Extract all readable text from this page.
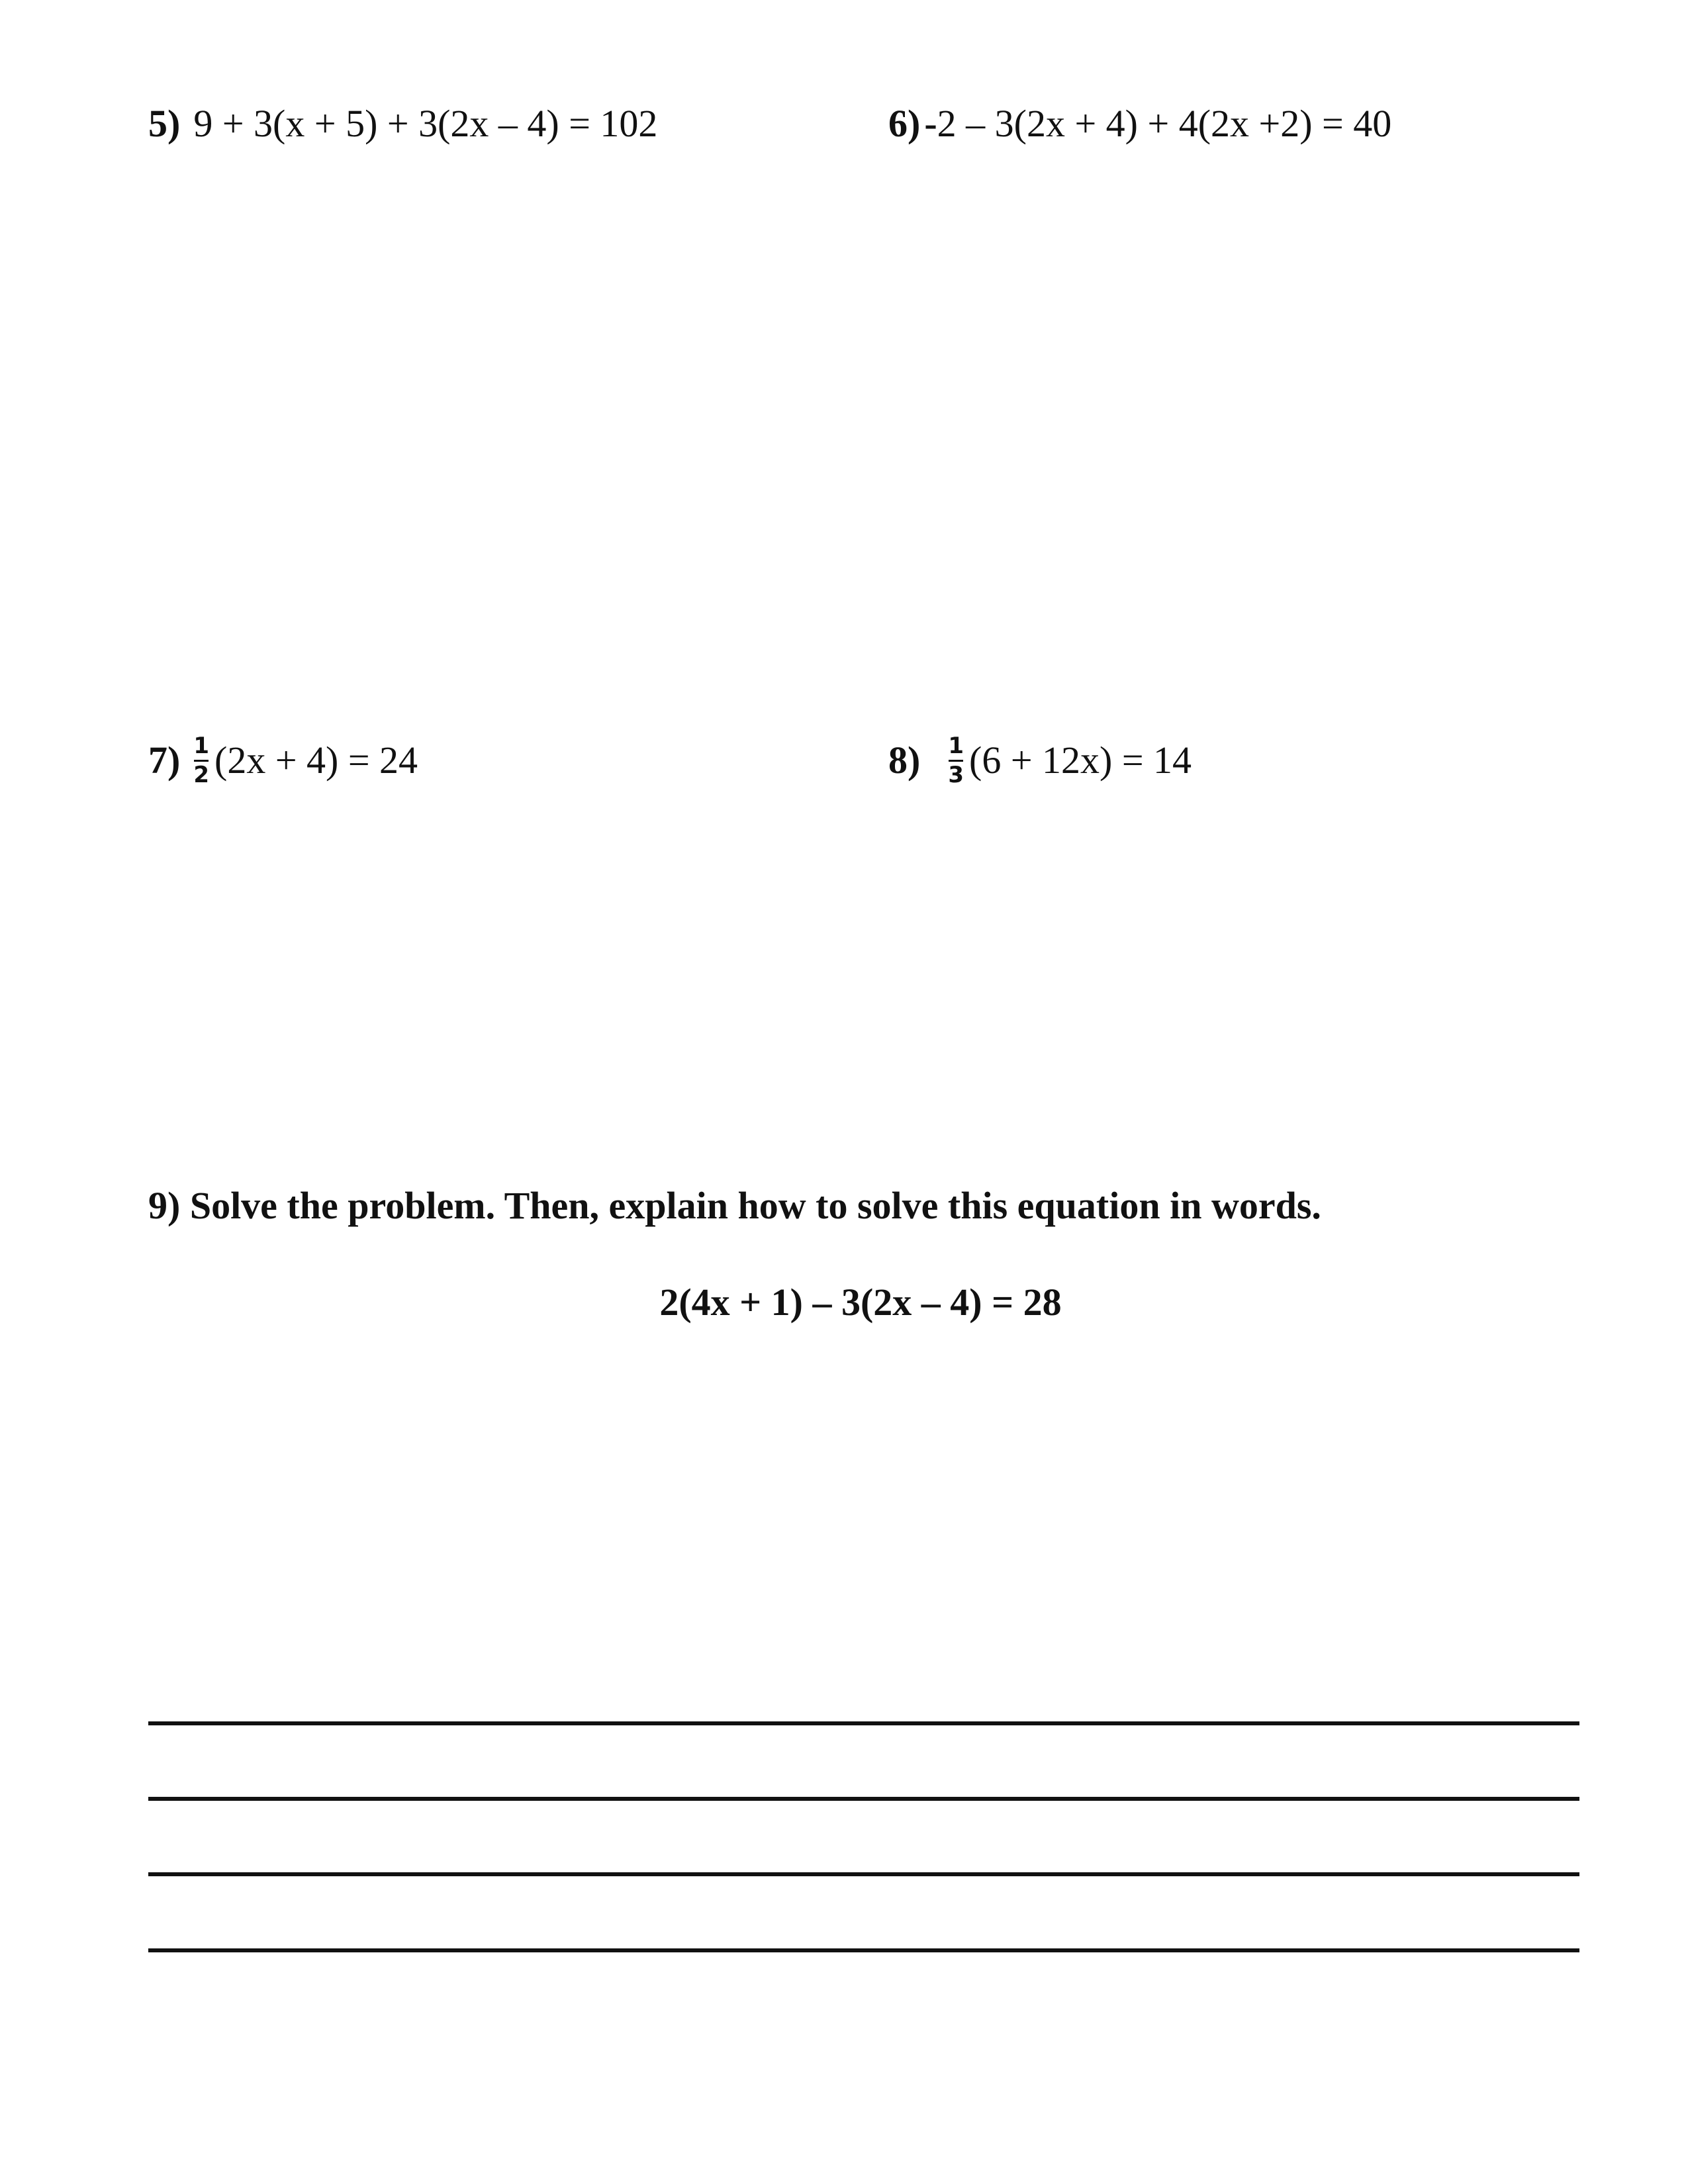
5) 9 + 3(x + 5) + 3(2x – 4) = 102	6) - 2 – 3(2x + 4) + 4(2x +2) = 40
$7) \frac{1}{2} (2x + 4) = 24$	$8) \frac{1}{3} (6 + 12x) = 14$
9) Solve the problem. Then, explain how to solve this equation in words.
2(4x + 1) – 3(2x – 4) = 28
